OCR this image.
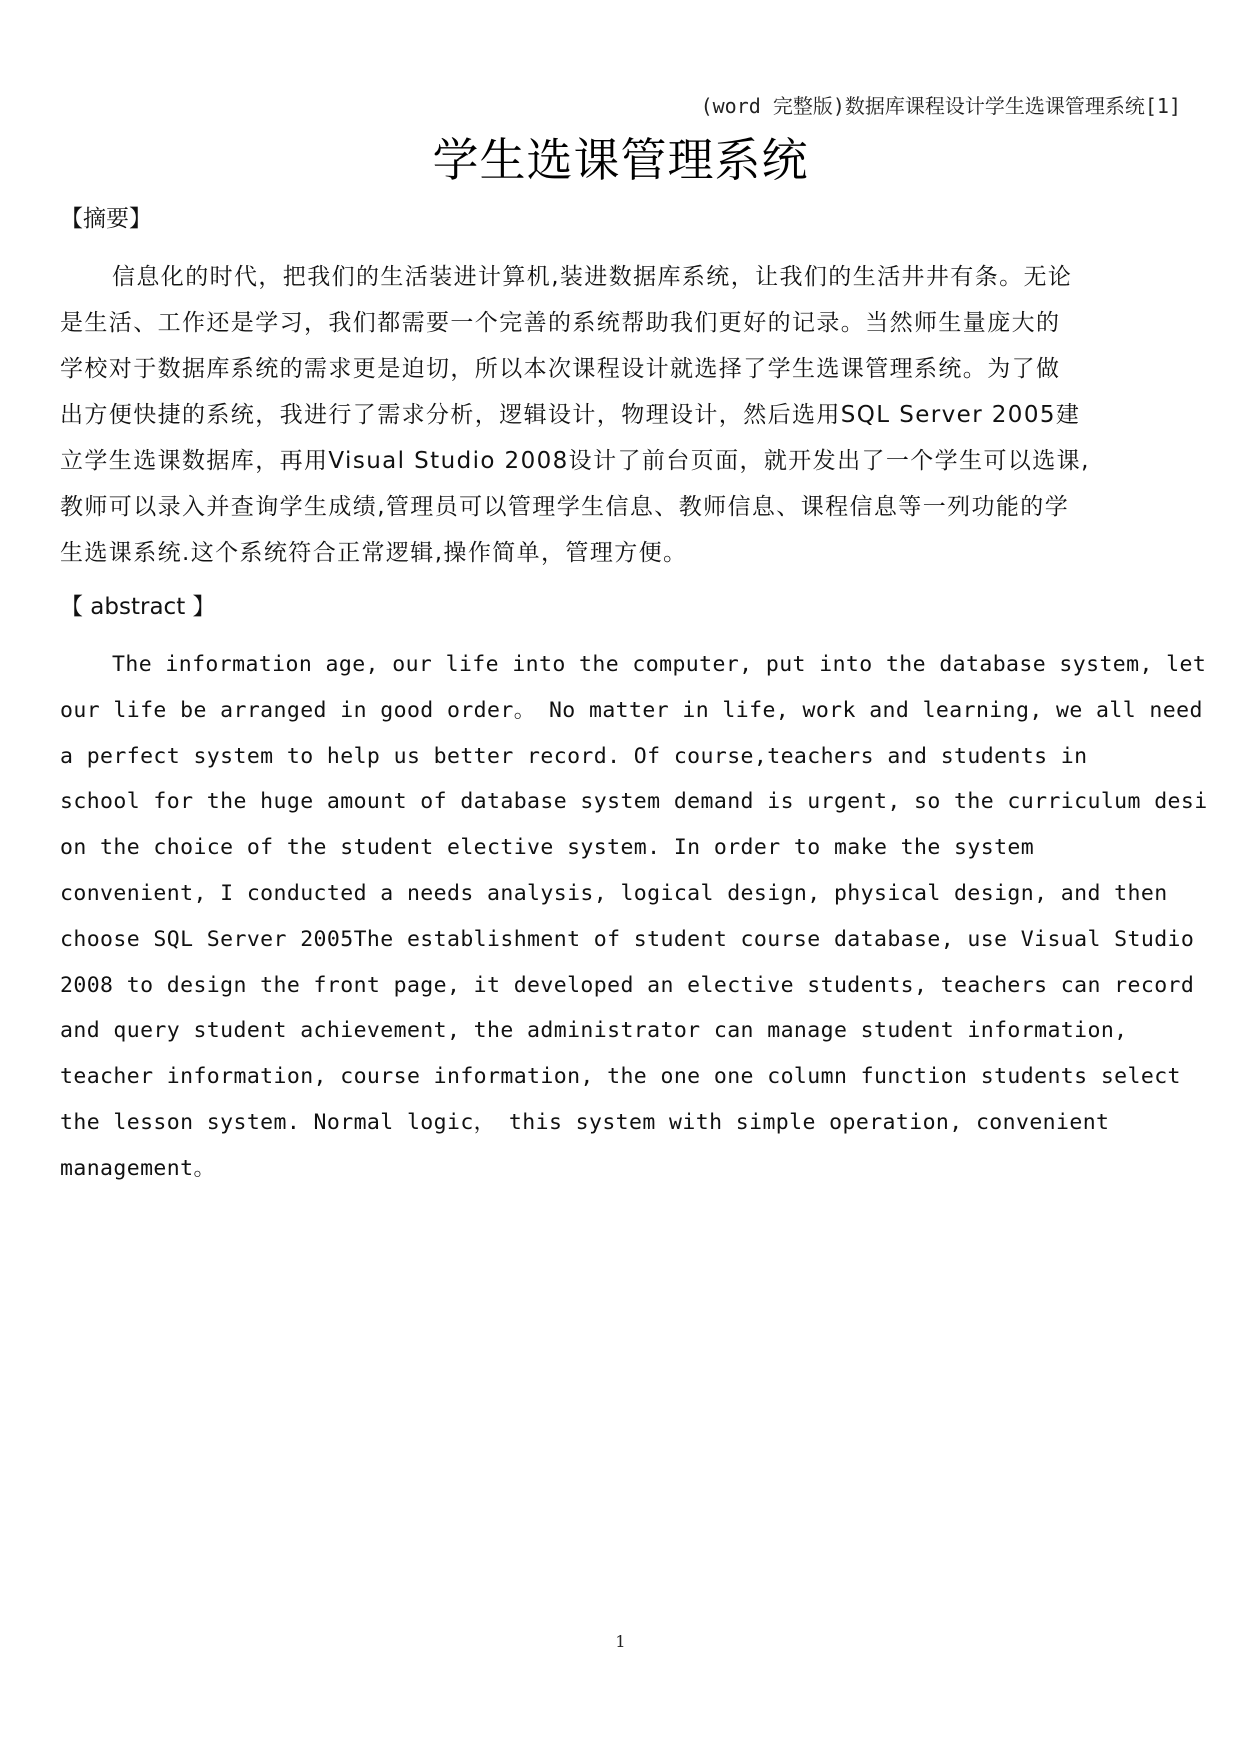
(word 完整版)数据库课程设计学生选课管理系统[1]
学生选课管理系统
【摘要】
信息化的时代，把我们的生活装进计算机,装进数据库系统，让我们的生活井井有条。无论
是生活、工作还是学习，我们都需要一个完善的系统帮助我们更好的记录。当然师生量庞大的
学校对于数据库系统的需求更是迫切，所以本次课程设计就选择了学生选课管理系统。为了做
出方便快捷的系统，我进行了需求分析，逻辑设计，物理设计，然后选用SQL Server 2005建
立学生选课数据库，再用Visual Studio 2008设计了前台页面，就开发出了一个学生可以选课,
教师可以录入并查询学生成绩,管理员可以管理学生信息、教师信息、课程信息等一列功能的学
生选课系统.这个系统符合正常逻辑,操作简单，管理方便。
【 abstract 】
The information age, our life into the computer, put into the database system, let
our life be arranged in good order。 No matter in life, work and learning, we all need
a perfect system to help us better record. Of course,teachers and students in
school for the huge amount of database system demand is urgent, so the curriculum desi
on the choice of the student elective system. In order to make the system
convenient, I conducted a needs analysis, logical design, physical design, and then
choose SQL Server 2005The establishment of student course database, use Visual Studio
2008 to design the front page, it developed an elective students, teachers can record
and query student achievement, the administrator can manage student information,
teacher information, course information, the one one column function students select
the lesson system. Normal logic， this system with simple operation, convenient
management。
1
